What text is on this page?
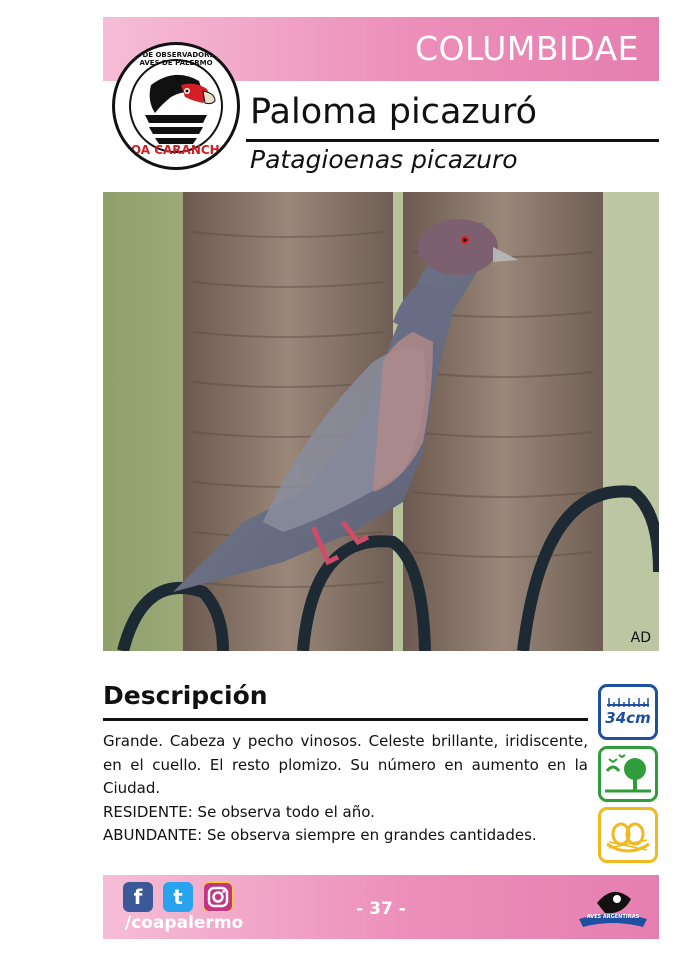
COLUMBIDAE
CLUB DE OBSERVADORES DE AVES DE PALERMO
COA CARANCHO
Paloma picazuró
Patagioenas picazuro
AD
Descripción

Grande. Cabeza y pecho vinosos. Celeste brillante, iridiscente, en el cuello. El resto plomizo. Su número en aumento en la Ciudad.

RESIDENTE: Se observa todo el año.

ABUNDANTE: Se observa siempre en grandes cantidades.

34cm
f	t
/coapalermo
- 37 -	AVES ARGENTINAS
